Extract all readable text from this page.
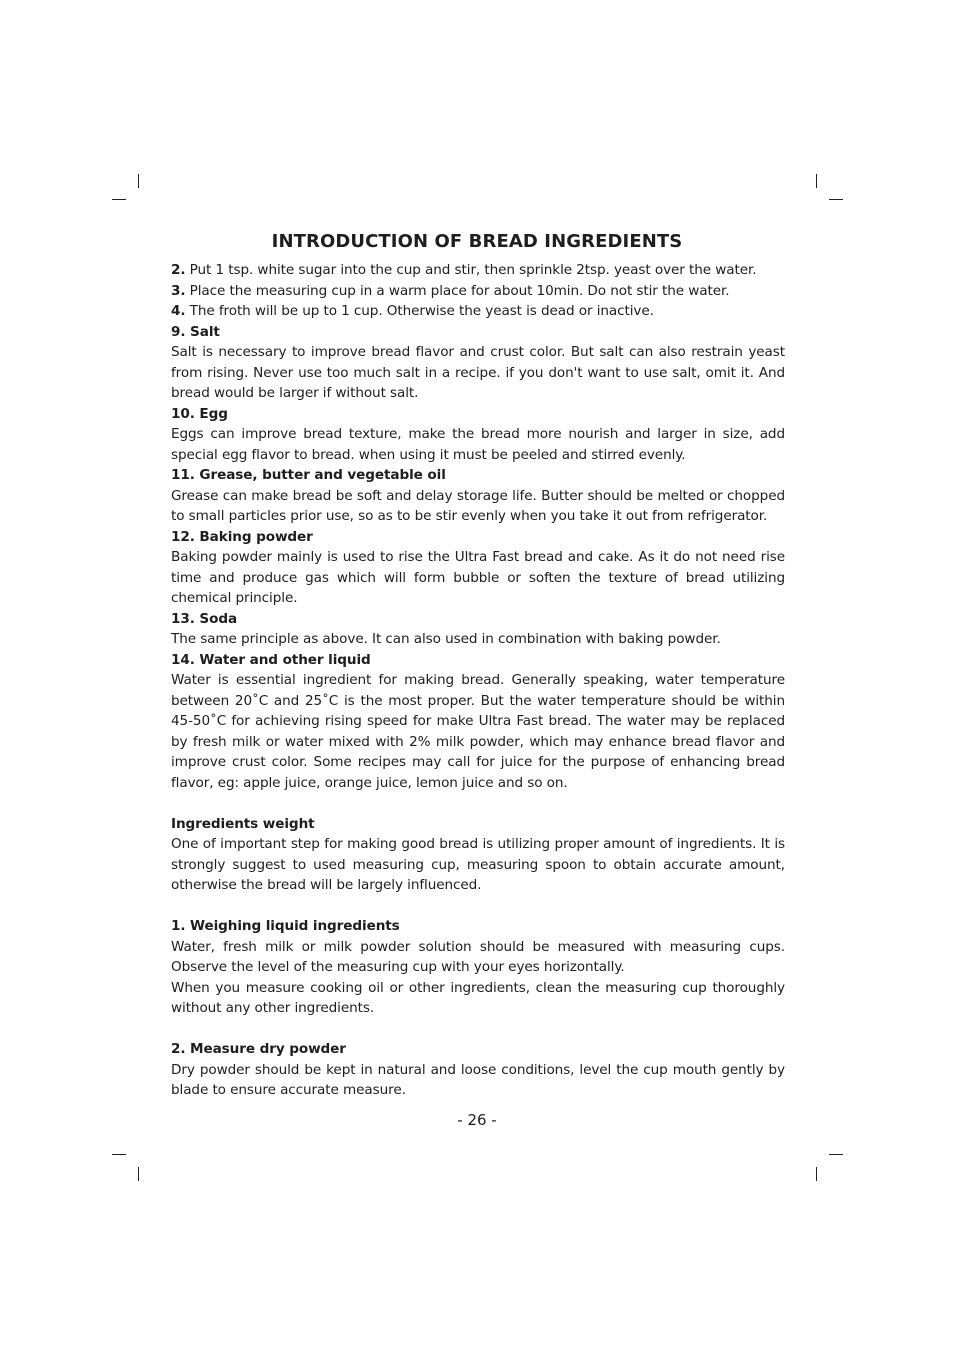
INTRODUCTION OF BREAD INGREDIENTS

2. Put 1 tsp. white sugar into the cup and stir, then sprinkle 2tsp. yeast over the water.

3. Place the measuring cup in a warm place for about 10min. Do not stir the water.

4. The froth will be up to 1 cup. Otherwise the yeast is dead or inactive.

9. Salt

Salt is necessary to improve bread flavor and crust color. But salt can also restrain yeast from rising. Never use too much salt in a recipe. if you don't want to use salt, omit it. And bread would be larger if without salt.

10. Egg

Eggs can improve bread texture, make the bread more nourish and larger in size, add special egg flavor to bread. when using it must be peeled and stirred evenly.

11. Grease, butter and vegetable oil

Grease can make bread be soft and delay storage life. Butter should be melted or chopped to small particles prior use, so as to be stir evenly when you take it out from refrigerator.

12. Baking powder

Baking powder mainly is used to rise the Ultra Fast bread and cake. As it do not need rise time and produce gas which will form bubble or soften the texture of bread utilizing chemical principle.

13. Soda

The same principle as above. It can also used in combination with baking powder.

14. Water and other liquid

Water is essential ingredient for making bread. Generally speaking, water temperature between 20˚C and 25˚C is the most proper. But the water temperature should be within 45-50˚C for achieving rising speed for make Ultra Fast bread. The water may be replaced by fresh milk or water mixed with 2% milk powder, which may enhance bread flavor and improve crust color. Some recipes may call for juice for the purpose of enhancing bread flavor, eg: apple juice, orange juice, lemon juice and so on.

Ingredients weight

One of important step for making good bread is utilizing proper amount of ingredients. It is strongly suggest to used measuring cup, measuring spoon to obtain accurate amount, otherwise the bread will be largely influenced.

1. Weighing liquid ingredients

Water, fresh milk or milk powder solution should be measured with measuring cups. Observe the level of the measuring cup with your eyes horizontally.

When you measure cooking oil or other ingredients, clean the measuring cup thoroughly without any other ingredients.

2. Measure dry powder

Dry powder should be kept in natural and loose conditions, level the cup mouth gently by blade to ensure accurate measure.

- 26 -
